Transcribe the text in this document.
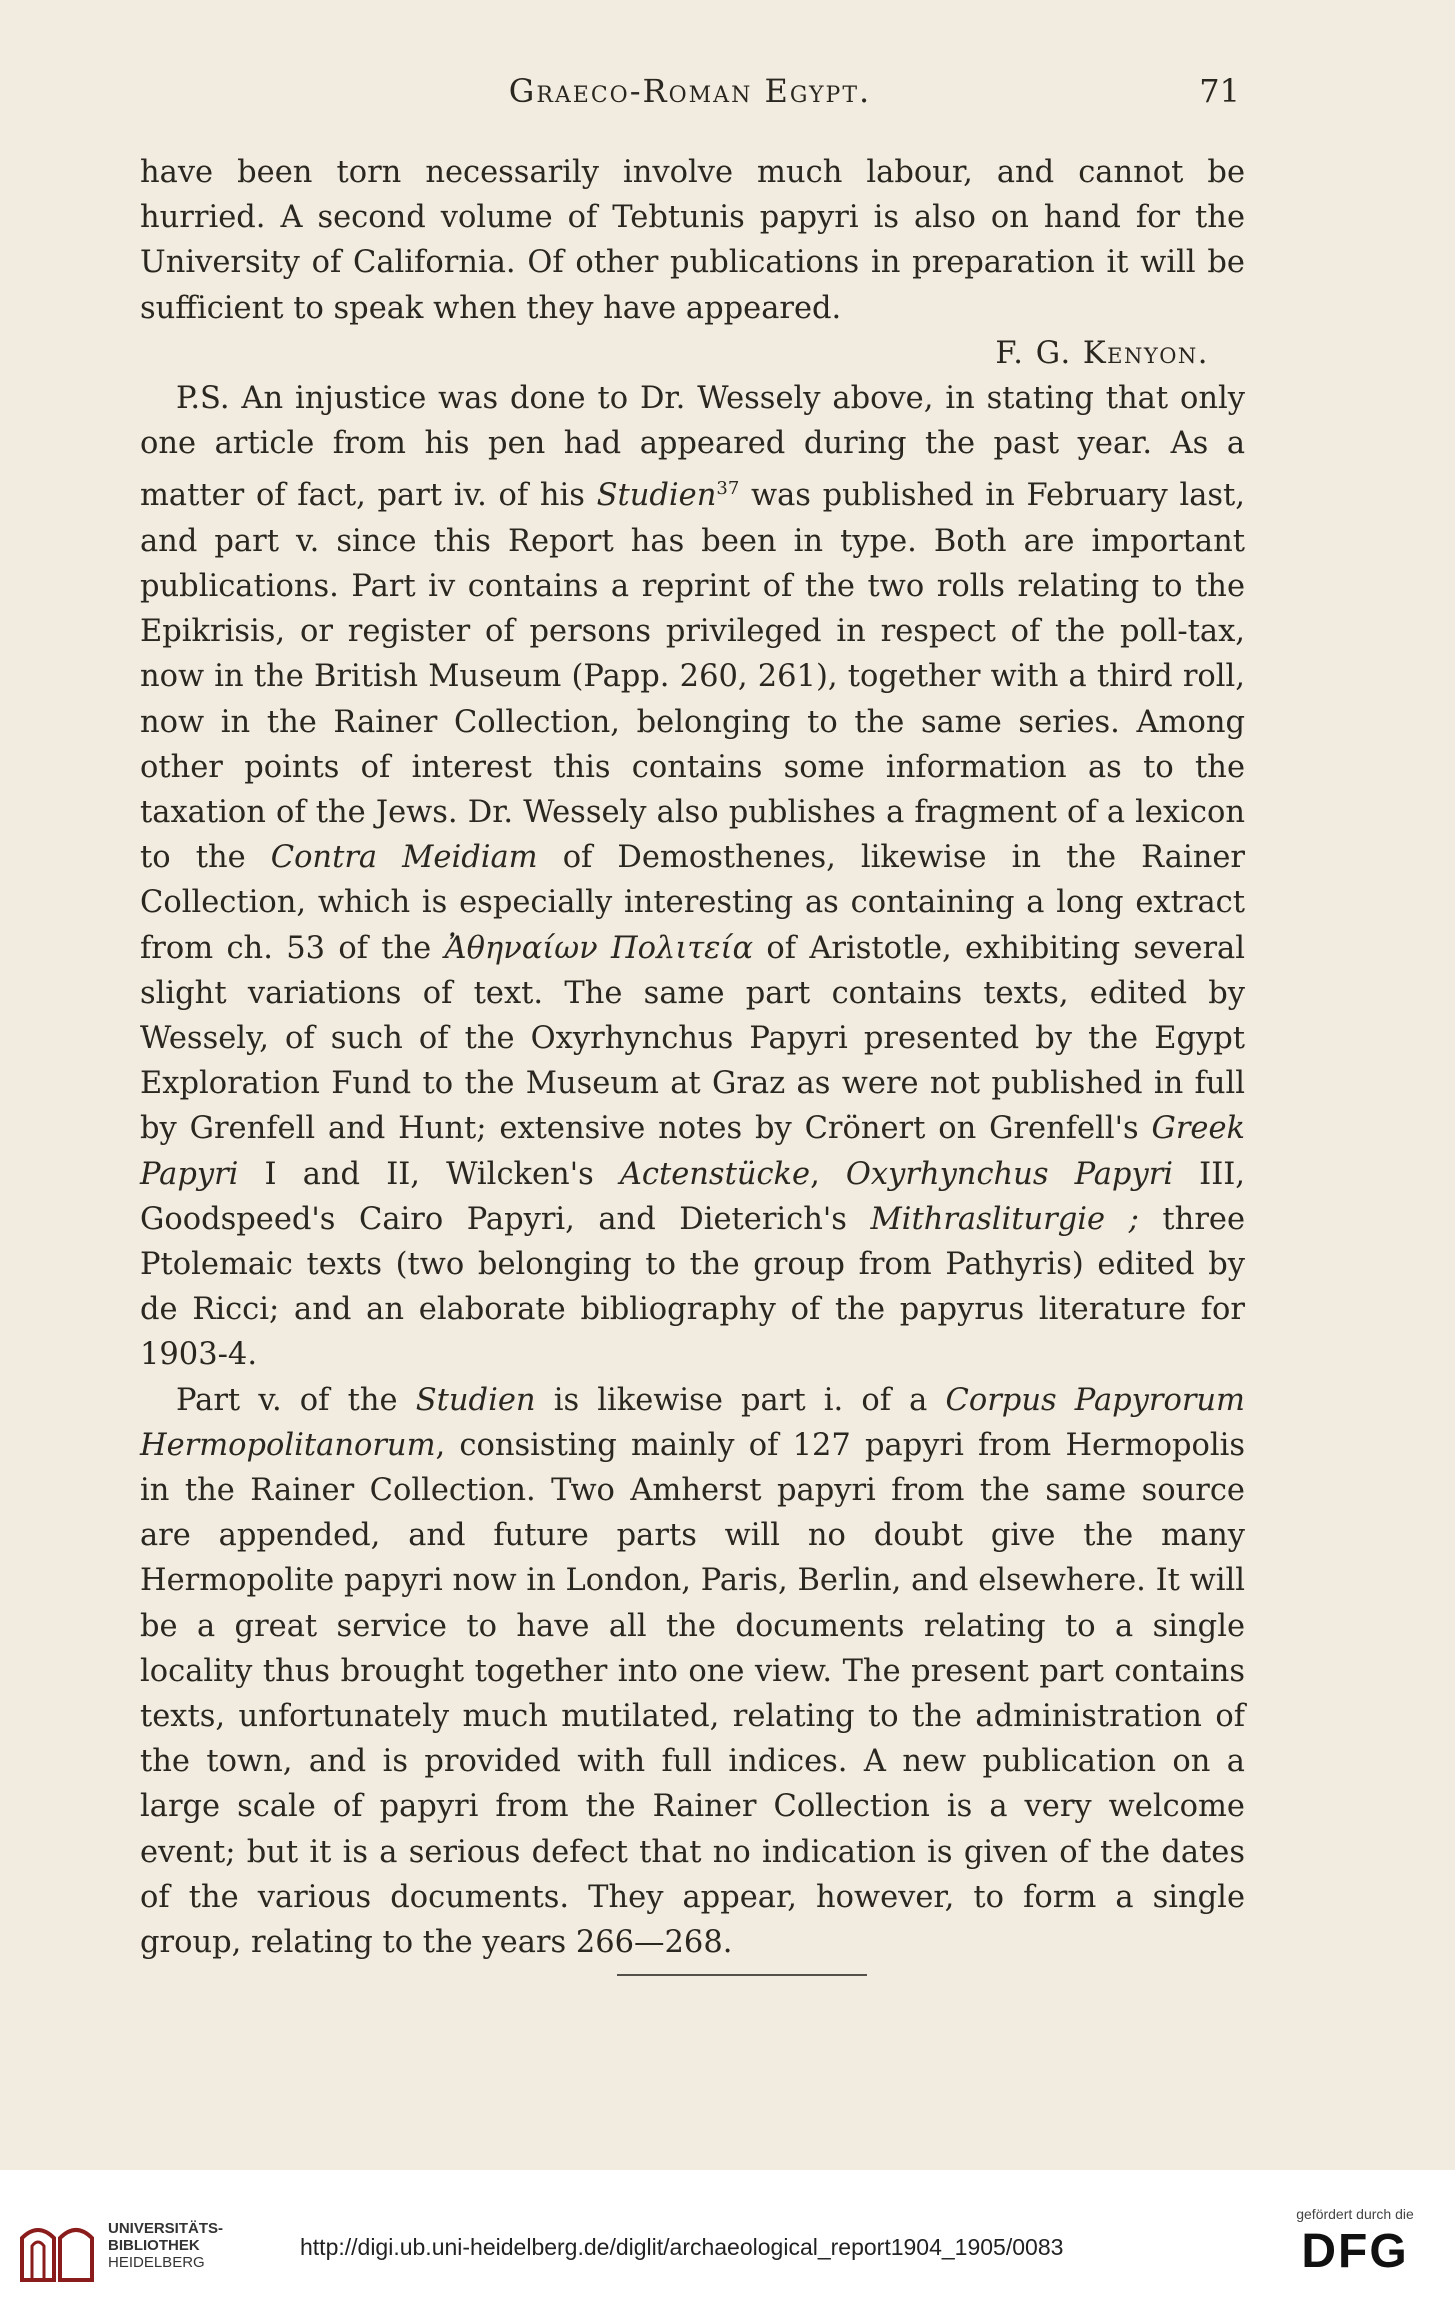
Graeco-Roman Egypt.	71

have been torn necessarily involve much labour, and cannot be hurried. A second volume of Tebtunis papyri is also on hand for the University of California. Of other publications in preparation it will be sufficient to speak when they have appeared.

F. G. Kenyon.

P.S. An injustice was done to Dr. Wessely above, in stating that only one article from his pen had appeared during the past year. As a matter of fact, part iv. of his Studien$^{37}$ was published in February last, and part v. since this Report has been in type. Both are important publications. Part iv contains a reprint of the two rolls relating to the Epikrisis, or register of persons privileged in respect of the poll-tax, now in the British Museum (Papp. 260, 261), together with a third roll, now in the Rainer Collection, belonging to the same series. Among other points of interest this contains some information as to the taxation of the Jews. Dr. Wessely also publishes a fragment of a lexicon to the Contra Meidiam of Demosthenes, likewise in the Rainer Collection, which is especially interesting as containing a long extract from ch. 53 of the Ἀθηναίων Πολιτεία of Aristotle, exhibiting several slight variations of text. The same part contains texts, edited by Wessely, of such of the Oxyrhynchus Papyri presented by the Egypt Exploration Fund to the Museum at Graz as were not published in full by Grenfell and Hunt; extensive notes by Crönert on Grenfell's Greek Papyri I and II, Wilcken's Actenstücke, Oxyrhynchus Papyri III, Goodspeed's Cairo Papyri, and Dieterich's Mithrasliturgie ; three Ptolemaic texts (two belonging to the group from Pathyris) edited by de Ricci; and an elaborate bibliography of the papyrus literature for 1903-4.

Part v. of the Studien is likewise part i. of a Corpus Papyrorum Hermopolitanorum, consisting mainly of 127 papyri from Hermopolis in the Rainer Collection. Two Amherst papyri from the same source are appended, and future parts will no doubt give the many Hermopolite papyri now in London, Paris, Berlin, and elsewhere. It will be a great service to have all the documents relating to a single locality thus brought together into one view. The present part contains texts, unfortunately much mutilated, relating to the administration of the town, and is provided with full indices. A new publication on a large scale of papyri from the Rainer Collection is a very welcome event; but it is a serious defect that no indication is given of the dates of the various documents. They appear, however, to form a single group, relating to the years 266—268.

UNIVERSITÄTS-
BIBLIOTHEK
HEIDELBERG
http://digi.ub.uni-heidelberg.de/diglit/archaeological_report1904_1905/0083
gefördert durch die
DFG
